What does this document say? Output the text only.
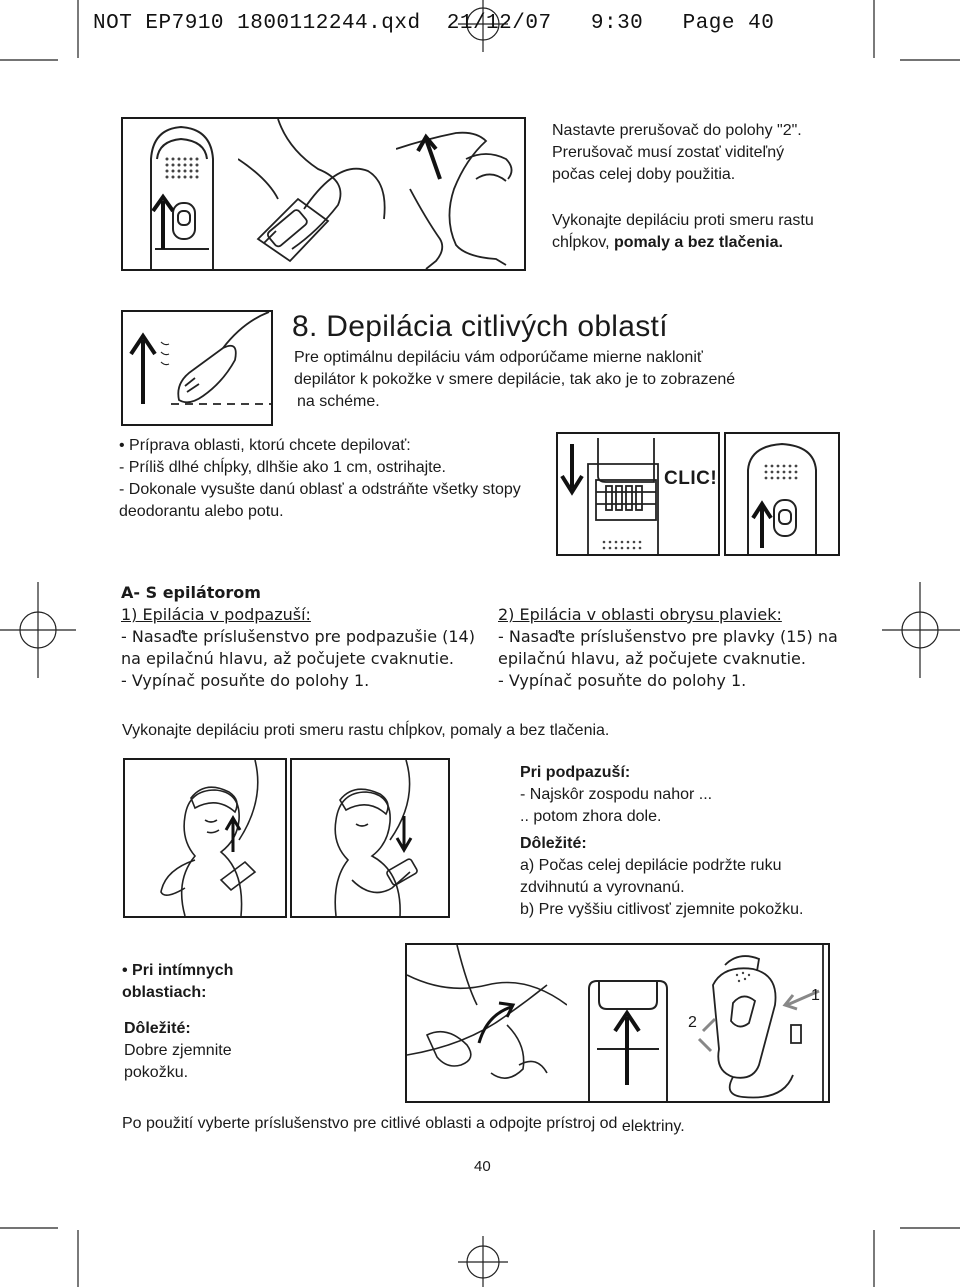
NOT EP7910 1800112244.qxd  21/12/07   9:30   Page 40
Nastavte prerušovač do polohy "2".
Prerušovač musí zostať viditeľný
počas celej doby použitia.
Vykonajte depiláciu proti smeru rastu
chĺpkov, pomaly a bez tlačenia.
8. Depilácia citlivých oblastí
Pre optimálnu depiláciu vám odporúčame mierne nakloniť
depilátor k pokožke v smere depilácie, tak ako je to zobrazené
na schéme.
• Príprava oblasti, ktorú chcete depilovať:
- Príliš dlhé chĺpky, dlhšie ako 1 cm, ostrihajte.
- Dokonale vysušte danú oblasť a odstráňte všetky stopy
deodorantu alebo potu.
CLIC!
A- S epilátorom
1) Epilácia v podpazuší:
- Nasaďte príslušenstvo pre podpazušie (14)
na epilačnú hlavu, až počujete cvaknutie.
- Vypínač posuňte do polohy 1.
2) Epilácia v oblasti obrysu plaviek:
- Nasaďte príslušenstvo pre plavky (15) na
epilačnú hlavu, až počujete cvaknutie.
- Vypínač posuňte do polohy 1.
Vykonajte depiláciu proti smeru rastu chĺpkov, pomaly a bez tlačenia.
Pri podpazuší:
- Najskôr zospodu nahor ...
.. potom zhora dole.
Dôležité:
a) Počas celej depilácie podržte ruku
zdvihnutú a vyrovnanú.
b) Pre vyššiu citlivosť zjemnite pokožku.
• Pri intímnych
oblastiach:
Dôležité:
Dobre zjemnite
pokožku.
1
2
Po použití vyberte príslušenstvo pre citlivé oblasti a odpojte prístroj od elektriny.
40
